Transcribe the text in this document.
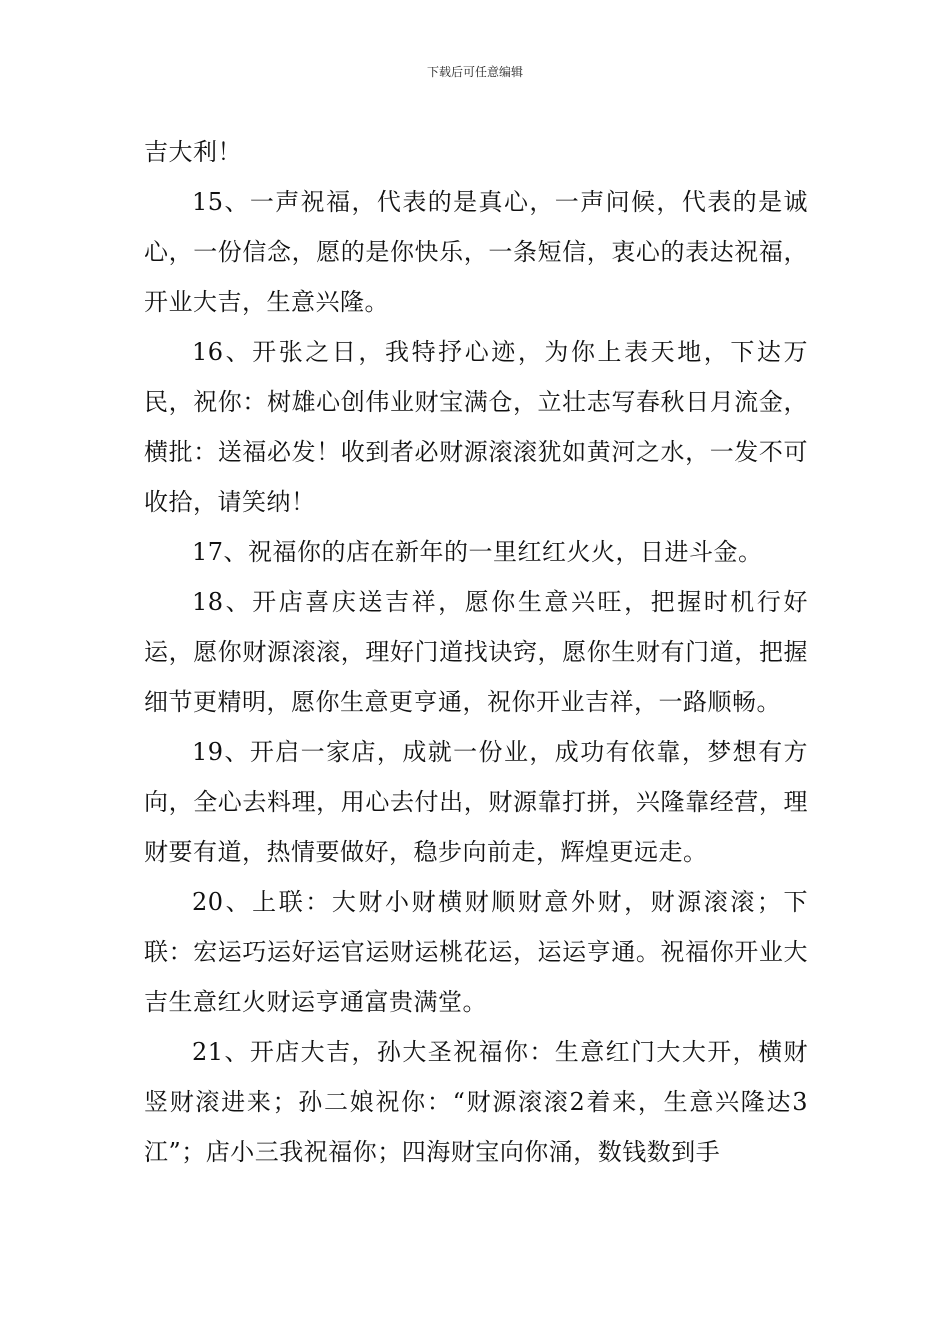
下载后可任意编辑

吉大利！

15、一声祝福，代表的是真心，一声问候，代表的是诚心，一份信念，愿的是你快乐，一条短信，衷心的表达祝福，开业大吉，生意兴隆。

16、开张之日，我特抒心迹，为你上表天地，下达万民，祝你：树雄心创伟业财宝满仓，立壮志写春秋日月流金，横批：送福必发！收到者必财源滚滚犹如黄河之水，一发不可收拾，请笑纳！

17、祝福你的店在新年的一里红红火火，日进斗金。

18、开店喜庆送吉祥，愿你生意兴旺，把握时机行好运，愿你财源滚滚，理好门道找诀窍，愿你生财有门道，把握细节更精明，愿你生意更亨通，祝你开业吉祥，一路顺畅。

19、开启一家店，成就一份业，成功有依靠，梦想有方向，全心去料理，用心去付出，财源靠打拼，兴隆靠经营，理财要有道，热情要做好，稳步向前走，辉煌更远走。

20、上联：大财小财横财顺财意外财，财源滚滚；下联：宏运巧运好运官运财运桃花运，运运亨通。祝福你开业大吉生意红火财运亨通富贵满堂。

21、开店大吉，孙大圣祝福你：生意红门大大开，横财竖财滚进来；孙二娘祝你：“财源滚滚2着来，生意兴隆达3江”；店小三我祝福你；四海财宝向你涌，数钱数到手
